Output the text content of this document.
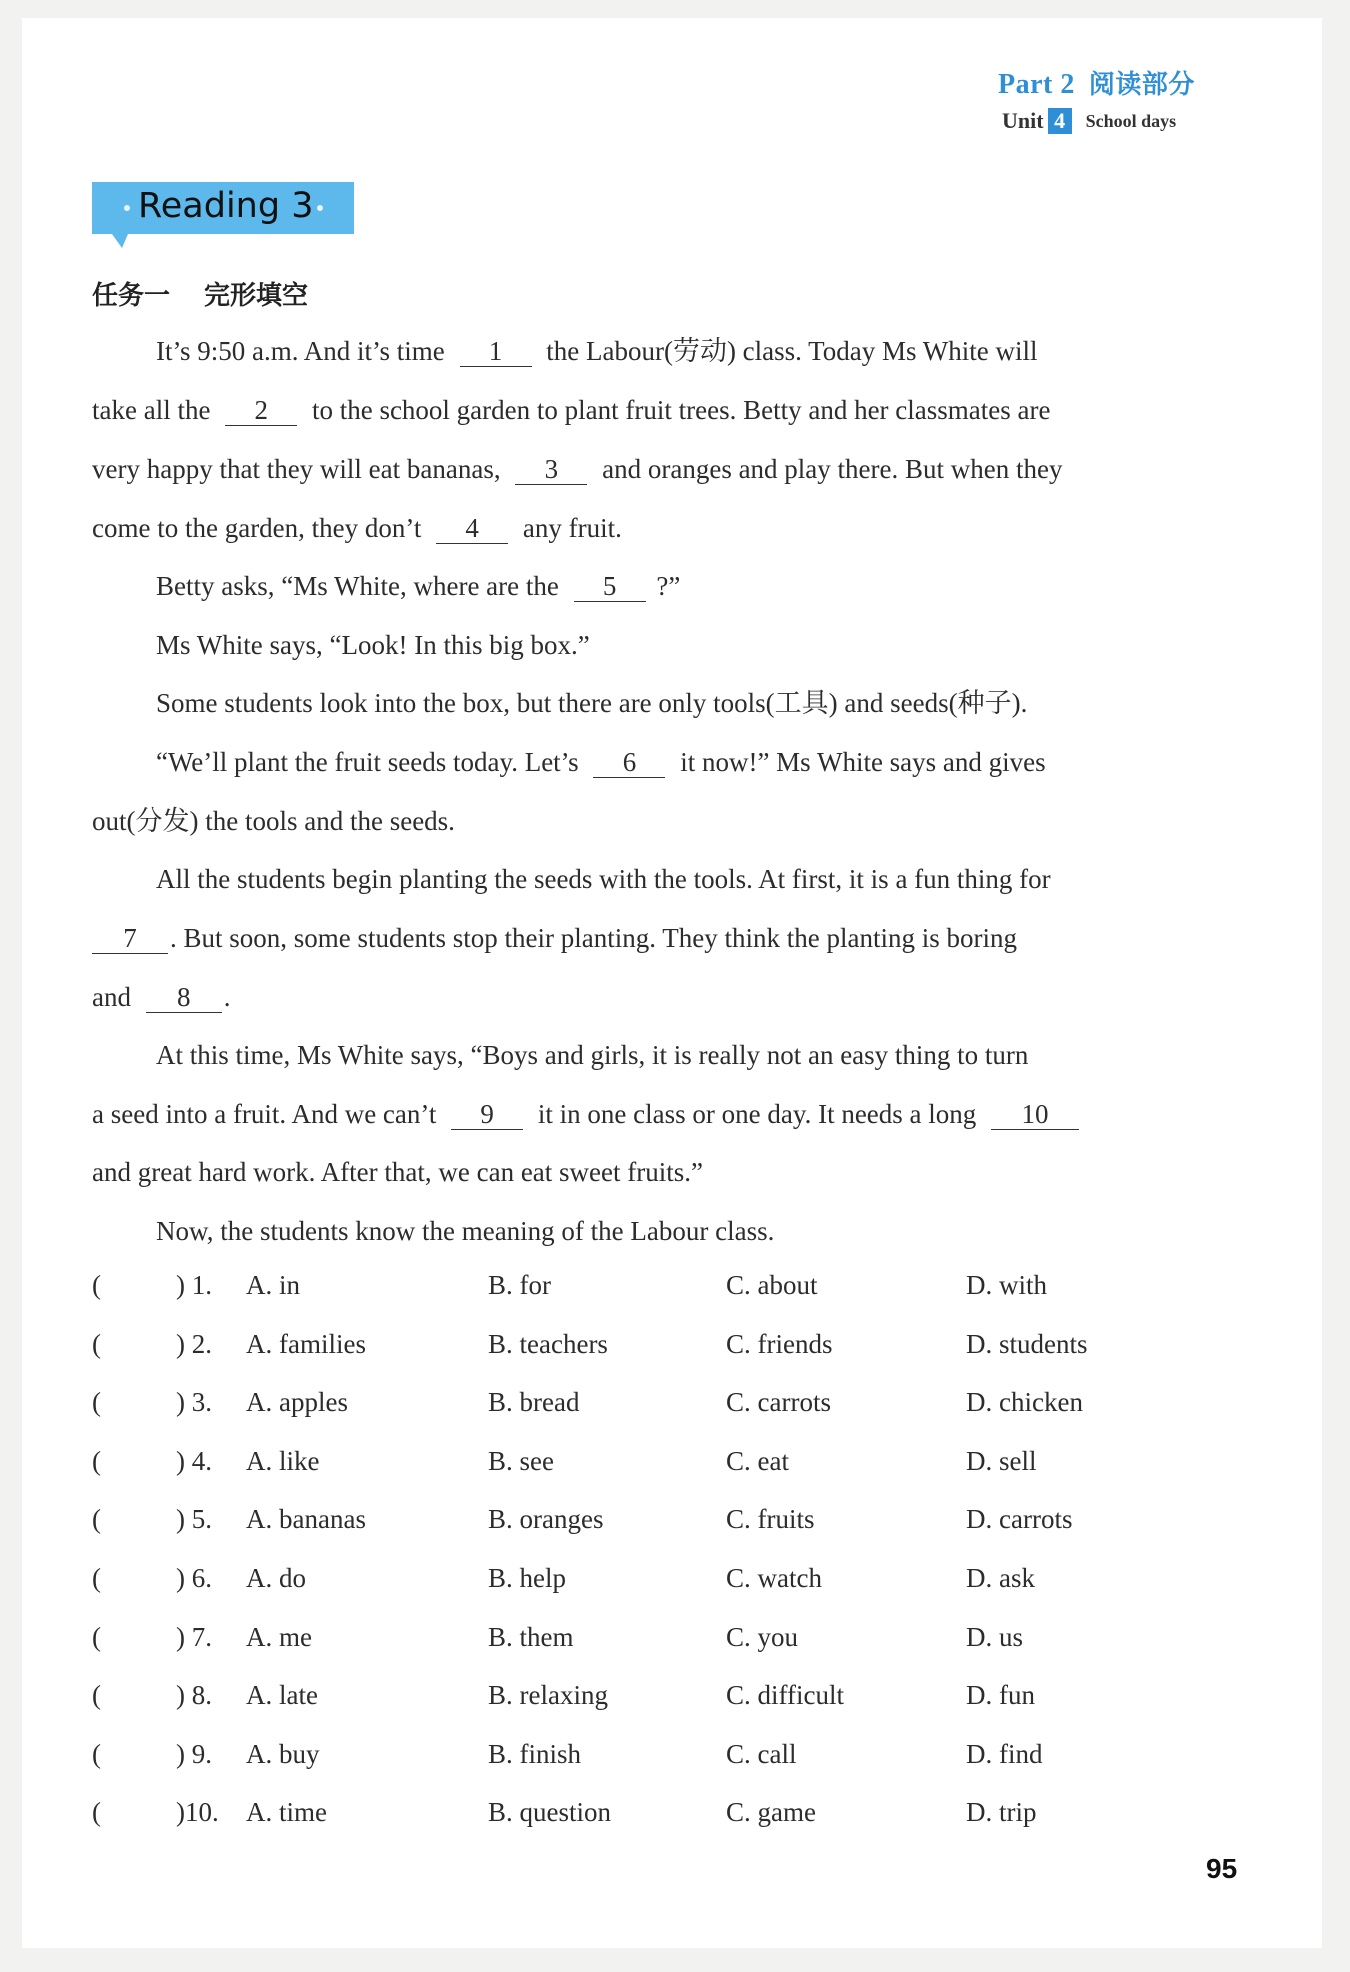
Part 2 阅读部分
Unit 4	School days
Reading 3
任务一 完形填空
It’s 9:50 a.m. And it’s time 1 the Labour(劳动) class. Today Ms White will
take all the 2 to the school garden to plant fruit trees. Betty and her classmates are
very happy that they will eat bananas, 3 and oranges and play there. But when they
come to the garden, they don’t 4 any fruit.
Betty asks, “Ms White, where are the 5 ?”
Ms White says, “Look! In this big box.”
Some students look into the box, but there are only tools(工具) and seeds(种子).
“We’ll plant the fruit seeds today. Let’s 6 it now!” Ms White says and gives
out(分发) the tools and the seeds.
All the students begin planting the seeds with the tools. At first, it is a fun thing for
7 . But soon, some students stop their planting. They think the planting is boring
and 8 .
At this time, Ms White says, “Boys and girls, it is really not an easy thing to turn
a seed into a fruit. And we can’t 9 it in one class or one day. It needs a long 10
and great hard work. After that, we can eat sweet fruits.”
Now, the students know the meaning of the Labour class.
(	) 1. A. in	B. for	C. about	D. with
(	) 2. A. families	B. teachers	C. friends	D. students
(	) 3. A. apples	B. bread	C. carrots	D. chicken
(	) 4. A. like	B. see	C. eat	D. sell
(	) 5. A. bananas	B. oranges	C. fruits	D. carrots
(	) 6. A. do	B. help	C. watch	D. ask
(	) 7. A. me	B. them	C. you	D. us
(	) 8. A. late	B. relaxing	C. difficult	D. fun
(	) 9. A. buy	B. finish	C. call	D. find
(	)10. A. time	B. question	C. game	D. trip
95
